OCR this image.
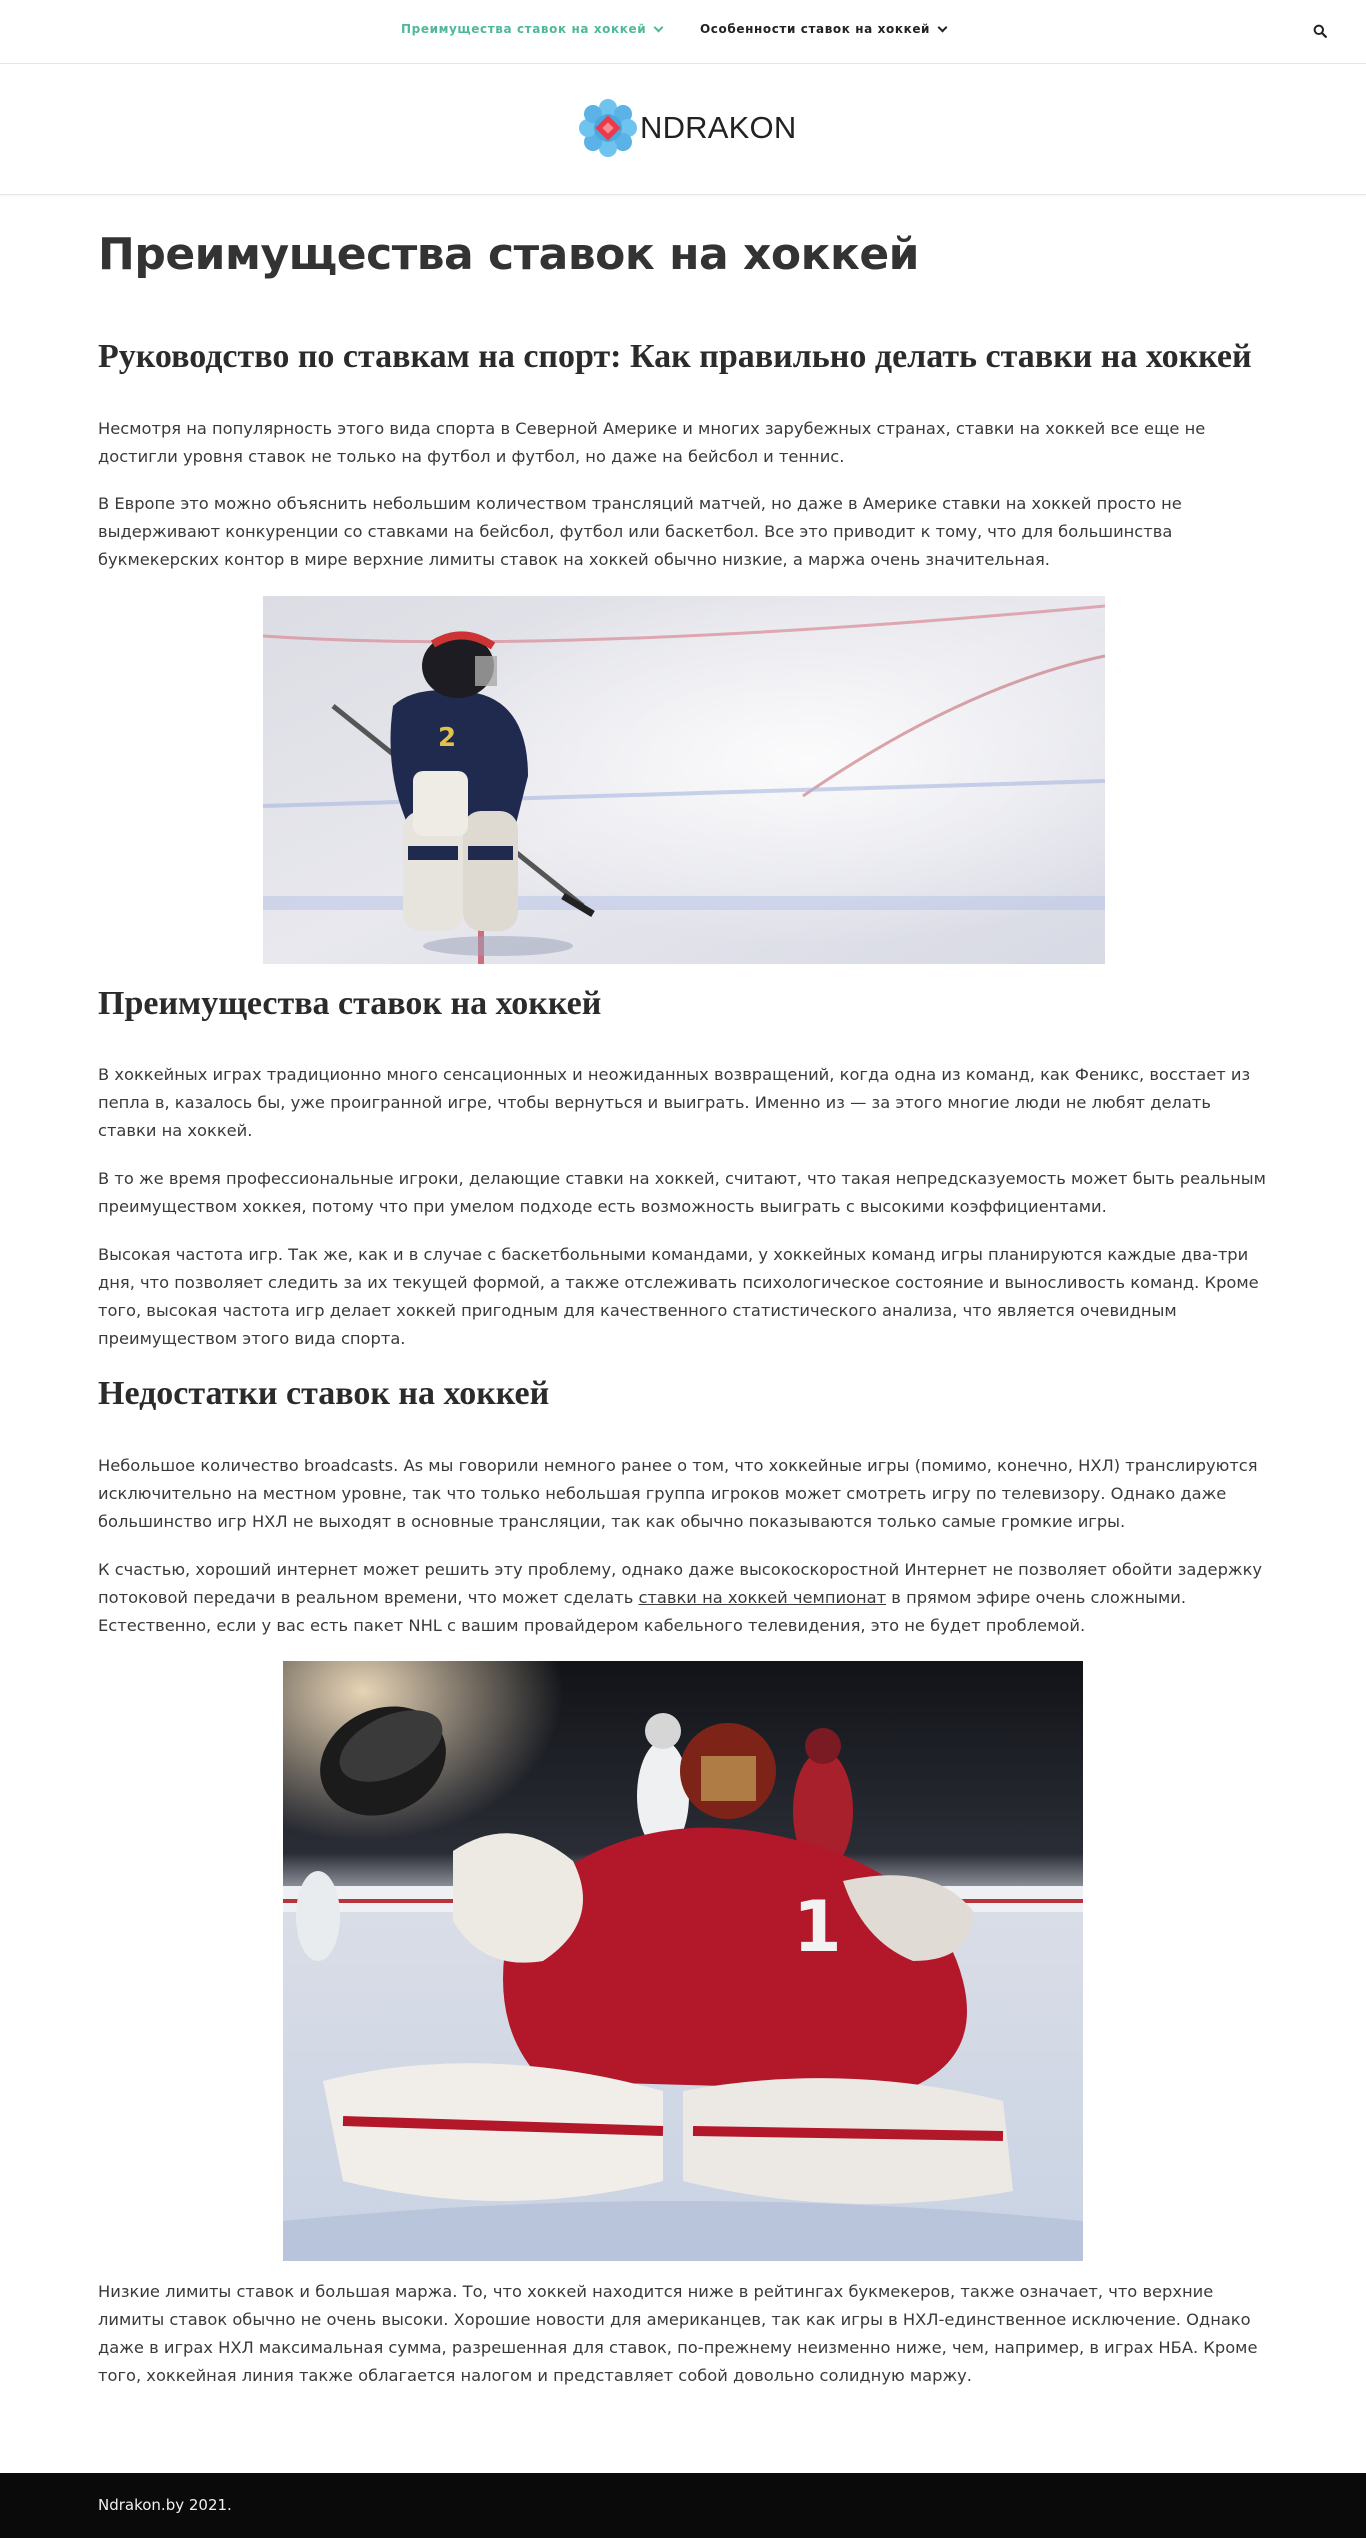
Преимущества ставок на хоккей	Особенности ставок на хоккей
NDRAKON
Преимущества ставок на хоккей
Руководство по ставкам на спорт: Как правильно делать ставки на хоккей

Несмотря на популярность этого вида спорта в Северной Америке и многих зарубежных странах, ставки на хоккей все еще не достигли уровня ставок не только на футбол и футбол, но даже на бейсбол и теннис.

В Европе это можно объяснить небольшим количеством трансляций матчей, но даже в Америке ставки на хоккей просто не выдерживают конкуренции со ставками на бейсбол, футбол или баскетбол. Все это приводит к тому, что для большинства букмекерских контор в мире верхние лимиты ставок на хоккей обычно низкие, а маржа очень значительная.

2
Преимущества ставок на хоккей

В хоккейных играх традиционно много сенсационных и неожиданных возвращений, когда одна из команд, как Феникс, восстает из пепла в, казалось бы, уже проигранной игре, чтобы вернуться и выиграть. Именно из — за этого многие люди не любят делать ставки на хоккей.

В то же время профессиональные игроки, делающие ставки на хоккей, считают, что такая непредсказуемость может быть реальным преимуществом хоккея, потому что при умелом подходе есть возможность выиграть с высокими коэффициентами.

Высокая частота игр. Так же, как и в случае с баскетбольными командами, у хоккейных команд игры планируются каждые два-три дня, что позволяет следить за их текущей формой, а также отслеживать психологическое состояние и выносливость команд. Кроме того, высокая частота игр делает хоккей пригодным для качественного статистического анализа, что является очевидным преимуществом этого вида спорта.

Недостатки ставок на хоккей

Небольшое количество broadcasts. As мы говорили немного ранее о том, что хоккейные игры (помимо, конечно, НХЛ) транслируются исключительно на местном уровне, так что только небольшая группа игроков может смотреть игру по телевизору. Однако даже большинство игр НХЛ не выходят в основные трансляции, так как обычно показываются только самые громкие игры.

К счастью, хороший интернет может решить эту проблему, однако даже высокоскоростной Интернет не позволяет обойти задержку потоковой передачи в реальном времени, что может сделать ставки на хоккей чемпионат в прямом эфире очень сложными. Естественно, если у вас есть пакет NHL с вашим провайдером кабельного телевидения, это не будет проблемой.

1

Низкие лимиты ставок и большая маржа. То, что хоккей находится ниже в рейтингах букмекеров, также означает, что верхние лимиты ставок обычно не очень высоки. Хорошие новости для американцев, так как игры в НХЛ-единственное исключение. Однако даже в играх НХЛ максимальная сумма, разрешенная для ставок, по-прежнему неизменно ниже, чем, например, в играх НБА. Кроме того, хоккейная линия также облагается налогом и представляет собой довольно солидную маржу.

Ndrakon.by 2021.
